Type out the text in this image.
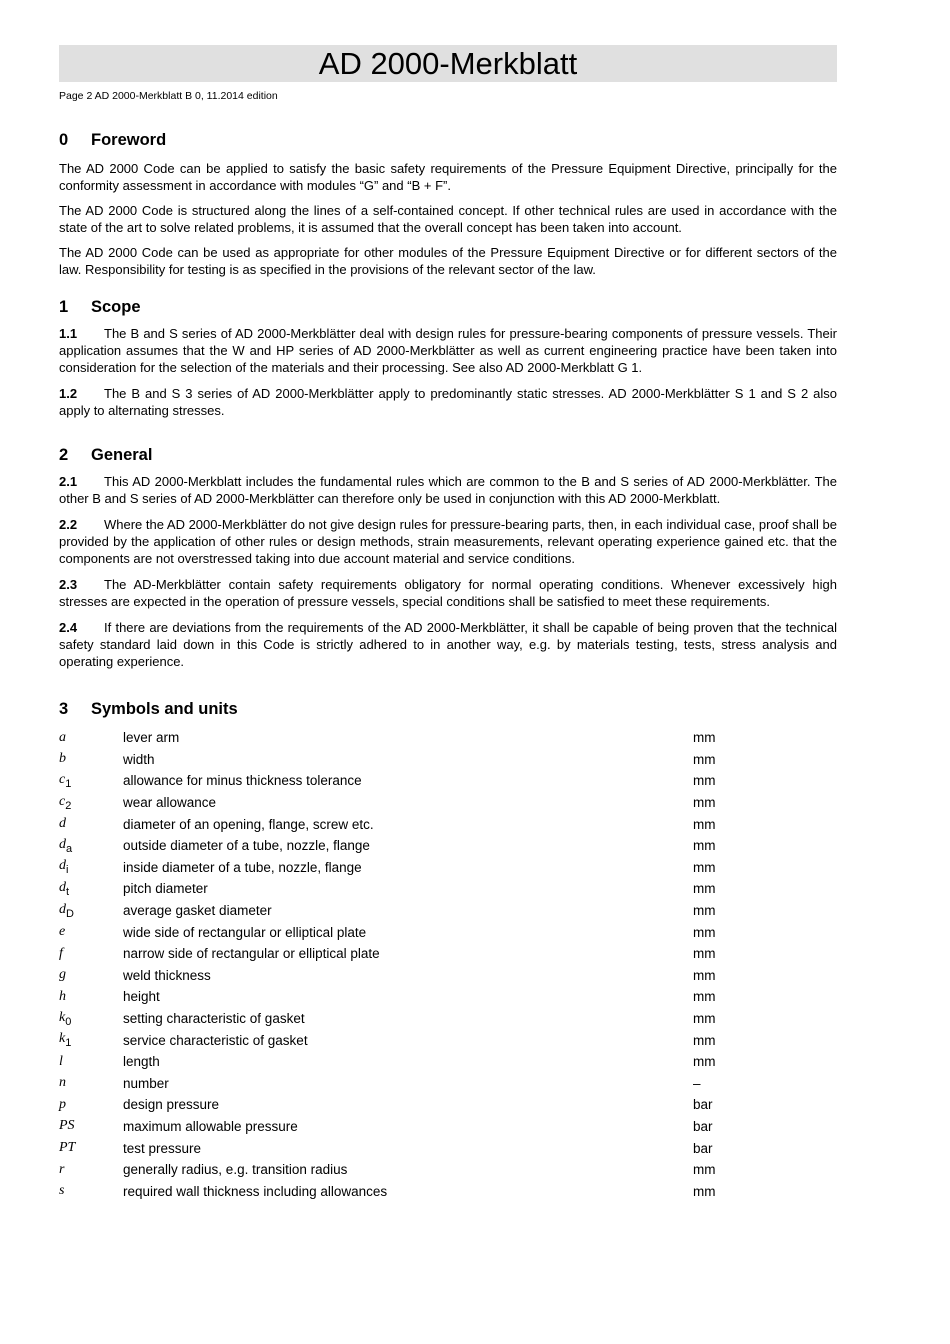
AD 2000-Merkblatt
Page 2 AD 2000-Merkblatt B 0, 11.2014 edition
0	Foreword

The AD 2000 Code can be applied to satisfy the basic safety requirements of the Pressure Equipment Directive, principally for the conformity assessment in accordance with modules “G” and “B + F”.

The AD 2000 Code is structured along the lines of a self-contained concept. If other technical rules are used in accordance with the state of the art to solve related problems, it is assumed that the overall concept has been taken into account.

The AD 2000 Code can be used as appropriate for other modules of the Pressure Equipment Directive or for different sectors of the law. Responsibility for testing is as specified in the provisions of the relevant sector of the law.

1	Scope

1.1 The B and S series of AD 2000-Merkblätter deal with design rules for pressure-bearing components of pressure vessels. Their application assumes that the W and HP series of AD 2000-Merkblätter as well as current engineering practice have been taken into consideration for the selection of the materials and their processing. See also AD 2000-Merkblatt G 1.

1.2 The B and S 3 series of AD 2000-Merkblätter apply to predominantly static stresses. AD 2000-Merkblätter S 1 and S 2 also apply to alternating stresses.

2	General

2.1 This AD 2000-Merkblatt includes the fundamental rules which are common to the B and S series of AD 2000-Merkblätter. The other B and S series of AD 2000-Merkblätter can therefore only be used in conjunction with this AD 2000-Merkblatt.

2.2 Where the AD 2000-Merkblätter do not give design rules for pressure-bearing parts, then, in each individual case, proof shall be provided by the application of other rules or design methods, strain measurements, relevant operating experience gained etc. that the components are not overstressed taking into due account material and service conditions.

2.3 The AD-Merkblätter contain safety requirements obligatory for normal operating conditions. Whenever excessively high stresses are expected in the operation of pressure vessels, special conditions shall be satisfied to meet these requirements.

2.4 If there are deviations from the requirements of the AD 2000-Merkblätter, it shall be capable of being proven that the technical safety standard laid down in this Code is strictly adhered to in another way, e.g. by materials testing, tests, stress analysis and operating experience.

3	Symbols and units
a	lever arm	mm
b	width	mm
$c_1$	allowance for minus thickness tolerance	mm
$c_2$	wear allowance	mm
d	diameter of an opening, flange, screw etc.	mm
$d_a$	outside diameter of a tube, nozzle, flange	mm
$d_i$	inside diameter of a tube, nozzle, flange	mm
$d_t$	pitch diameter	mm
$d_D$	average gasket diameter	mm
e	wide side of rectangular or elliptical plate	mm
f	narrow side of rectangular or elliptical plate	mm
g	weld thickness	mm
h	height	mm
$k_0$	setting characteristic of gasket	mm
$k_1$	service characteristic of gasket	mm
l	length	mm
n	number	–
p	design pressure	bar
PS	maximum allowable pressure	bar
PT	test pressure	bar
r	generally radius, e.g. transition radius	mm
s	required wall thickness including allowances	mm
